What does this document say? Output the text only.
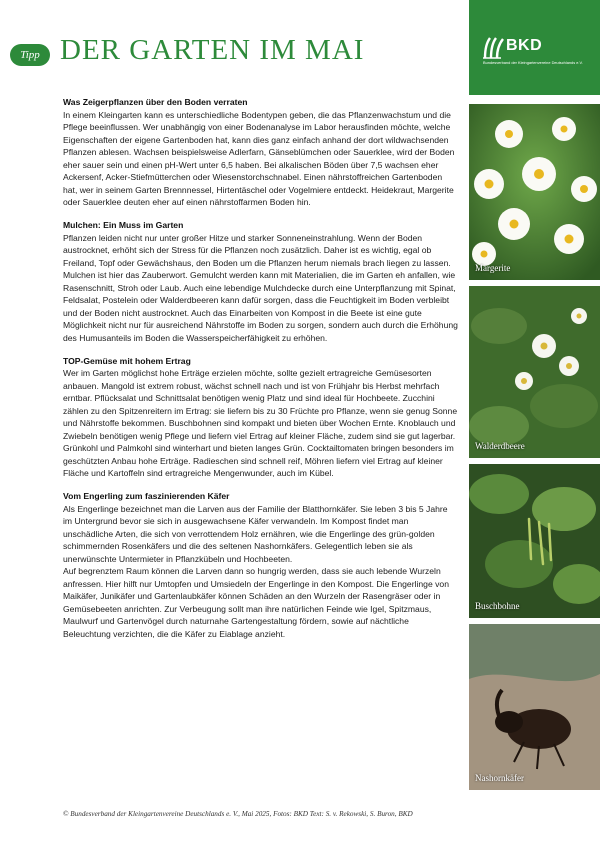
Tipp DER GARTEN IM MAI
Was Zeigerpflanzen über den Boden verraten

In einem Kleingarten kann es unterschiedliche Bodentypen geben, die das Pflanzenwachstum und die Pflege beeinflussen. Wer unabhängig von einer Bodenanalyse im Labor herausfinden möchte, welche Eigenschaften der eigene Gartenboden hat, kann dies ganz einfach anhand der dort wildwachsenden Pflanzen ablesen. Wachsen beispielsweise Adlerfarn, Gänseblümchen oder Sauerklee, wird der Boden eher sauer sein und einen pH-Wert unter 6,5 haben. Bei alkalischen Böden über 7,5 wachsen eher Ackersenf, Acker-Stiefmütterchen oder Wiesenstorchschnabel. Einen nährstoffreichen Gartenboden hat, wer in seinem Garten Brennnessel, Hirtentäschel oder Vogelmiere entdeckt. Heidekraut, Margerite oder Sauerklee deuten eher auf einen nährstoffarmen Boden hin.

Mulchen: Ein Muss im Garten

Pflanzen leiden nicht nur unter großer Hitze und starker Sonneneinstrahlung. Wenn der Boden austrocknet, erhöht sich der Stress für die Pflanzen noch zusätzlich. Daher ist es wichtig, egal ob Freiland, Topf oder Gewächshaus, den Boden um die Pflanzen herum niemals brach liegen zu lassen. Mulchen ist hier das Zauberwort. Gemulcht werden kann mit Materialien, die im Garten eh anfallen, wie Rasenschnitt, Stroh oder Laub. Auch eine lebendige Mulchdecke durch eine Unterpflanzung mit Spinat, Feldsalat, Postelein oder Walderdbeeren kann dafür sorgen, dass die Feuchtigkeit im Boden verbleibt und der Boden nicht austrocknet. Auch das Einarbeiten von Kompost in die Beete ist eine gute Möglichkeit nicht nur für ausreichend Nährstoffe im Boden zu sorgen, sondern auch durch die Erhöhung des Humusanteils im Boden die Wasserspeicherfähigkeit zu erhöhen.

TOP-Gemüse mit hohem Ertrag

Wer im Garten möglichst hohe Erträge erzielen möchte, sollte gezielt ertragreiche Gemüsesorten anbauen. Mangold ist extrem robust, wächst schnell nach und ist von Frühjahr bis Herbst mehrfach erntbar. Pflücksalat und Schnittsalat benötigen wenig Platz und sind ideal für Hochbeete. Zucchini zählen zu den Spitzenreitern im Ertrag: sie liefern bis zu 30 Früchte pro Pflanze, wenn sie genug Sonne und Nährstoffe bekommen. Buschbohnen sind kompakt und bieten über Wochen Ernte. Knoblauch und Zwiebeln benötigen wenig Pflege und liefern viel Ertrag auf kleiner Fläche, zudem sind sie gut lagerbar. Grünkohl und Palmkohl sind winterhart und bieten langes Grün. Cocktailtomaten bringen besonders im geschützten Anbau hohe Erträge. Radieschen sind schnell reif, Möhren liefern viel Ertrag auf kleiner Fläche und Kartoffeln sind ertragreiche Mengenwunder, auch im Kübel.

Vom Engerling zum faszinierenden Käfer

Als Engerlinge bezeichnet man die Larven aus der Familie der Blatthornkäfer. Sie leben 3 bis 5 Jahre im Untergrund bevor sie sich in ausgewachsene Käfer verwandeln. Im Kompost findet man unschädliche Arten, die sich von verrottendem Holz ernähren, wie die Engerlinge des grün-golden schimmernden Rosenkäfers und die des seltenen Nashornkäfers. Gelegentlich leben sie als unerwünschte Untermieter in Pflanzkübeln und Hochbeeten.

Auf begrenztem Raum können die Larven dann so hungrig werden, dass sie auch lebende Wurzeln anfressen. Hier hilft nur Umtopfen und Umsiedeln der Engerlinge in den Kompost. Die Engerlinge von Maikäfer, Junikäfer und Gartenlaubkäfer können Schäden an den Wurzeln der Rasengräser oder in Gemüsebeeten anrichten. Zur Verbeugung sollt man ihre natürlichen Feinde wie Igel, Spitzmaus, Maulwurf und Gartenvögel durch naturnahe Gartengestaltung fördern, sowie auf nächtliche Beleuchtung verzichten, die die Käfer zu Eiablage anzieht.

© Bundesverband der Kleingartenvereine Deutschlands e. V., Mai 2025, Fotos: BKD Text: S. v. Rekowski, S. Buron, BKD
BKD
Bundesverband der Kleingartenvereine Deutschlands e.V.
Margerite
Walderdbeere
Buschbohne
Nashornkäfer
